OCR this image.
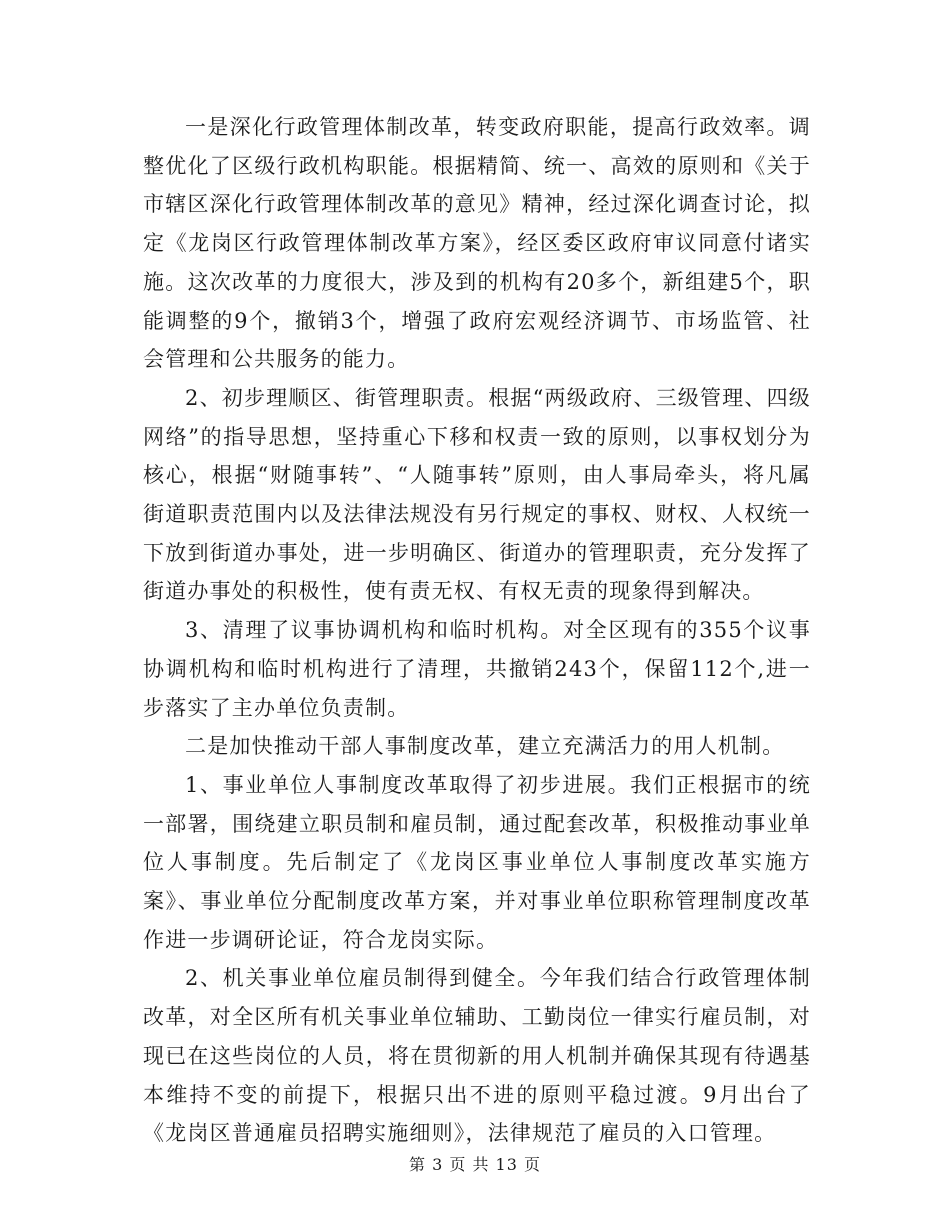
一是深化行政管理体制改革，转变政府职能，提高行政效率。调整优化了区级行政机构职能。根据精简、统一、高效的原则和《关于市辖区深化行政管理体制改革的意见》精神，经过深化调查讨论，拟定《龙岗区行政管理体制改革方案》，经区委区政府审议同意付诸实施。这次改革的力度很大，涉及到的机构有20多个，新组建5个，职能调整的9个，撤销3个，增强了政府宏观经济调节、市场监管、社会管理和公共服务的能力。

2、初步理顺区、街管理职责。根据“两级政府、三级管理、四级网络”的指导思想，坚持重心下移和权责一致的原则，以事权划分为核心，根据“财随事转”、“人随事转”原则，由人事局牵头，将凡属街道职责范围内以及法律法规没有另行规定的事权、财权、人权统一下放到街道办事处，进一步明确区、街道办的管理职责，充分发挥了街道办事处的积极性，使有责无权、有权无责的现象得到解决。

3、清理了议事协调机构和临时机构。对全区现有的355个议事协调机构和临时机构进行了清理，共撤销243个，保留112个,进一步落实了主办单位负责制。

二是加快推动干部人事制度改革，建立充满活力的用人机制。

1、事业单位人事制度改革取得了初步进展。我们正根据市的统一部署，围绕建立职员制和雇员制，通过配套改革，积极推动事业单位人事制度。先后制定了《龙岗区事业单位人事制度改革实施方案》、事业单位分配制度改革方案，并对事业单位职称管理制度改革作进一步调研论证，符合龙岗实际。

2、机关事业单位雇员制得到健全。今年我们结合行政管理体制改革，对全区所有机关事业单位辅助、工勤岗位一律实行雇员制，对现已在这些岗位的人员，将在贯彻新的用人机制并确保其现有待遇基本维持不变的前提下，根据只出不进的原则平稳过渡。9月出台了《龙岗区普通雇员招聘实施细则》，法律规范了雇员的入口管理。

第 3 页 共 13 页
